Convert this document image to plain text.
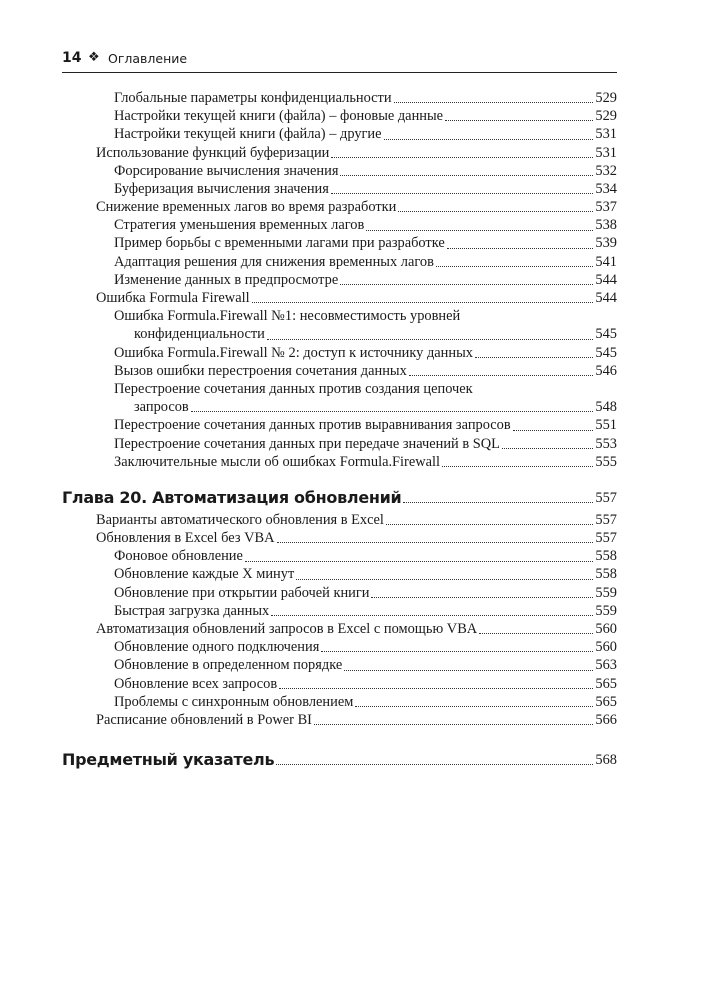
14 ❖ Оглавление
Глобальные параметры конфиденциальности	529
Настройки текущей книги (файла) – фоновые данные	529
Настройки текущей книги (файла) – другие	531
Использование функций буферизации	531
Форсирование вычисления значения	532
Буферизация вычисления значения	534
Снижение временных лагов во время разработки	537
Стратегия уменьшения временных лагов	538
Пример борьбы с временными лагами при разработке	539
Адаптация решения для снижения временных лагов	541
Изменение данных в предпросмотре	544
Ошибка Formula Firewall	544
Ошибка Formula.Firewall №1: несовместимость уровней
конфиденциальности	545
Ошибка Formula.Firewall № 2: доступ к источнику данных	545
Вызов ошибки перестроения сочетания данных	546
Перестроение сочетания данных против создания цепочек
запросов	548
Перестроение сочетания данных против выравнивания запросов	551
Перестроение сочетания данных при передаче значений в SQL	553
Заключительные мысли об ошибках Formula.Firewall	555
Глава 20. Автоматизация обновлений	557
Варианты автоматического обновления в Excel	557
Обновления в Excel без VBA	557
Фоновое обновление	558
Обновление каждые X минут	558
Обновление при открытии рабочей книги	559
Быстрая загрузка данных	559
Автоматизация обновлений запросов в Excel с помощью VBA	560
Обновление одного подключения	560
Обновление в определенном порядке	563
Обновление всех запросов	565
Проблемы с синхронным обновлением	565
Расписание обновлений в Power BI	566
Предметный указатель	568
